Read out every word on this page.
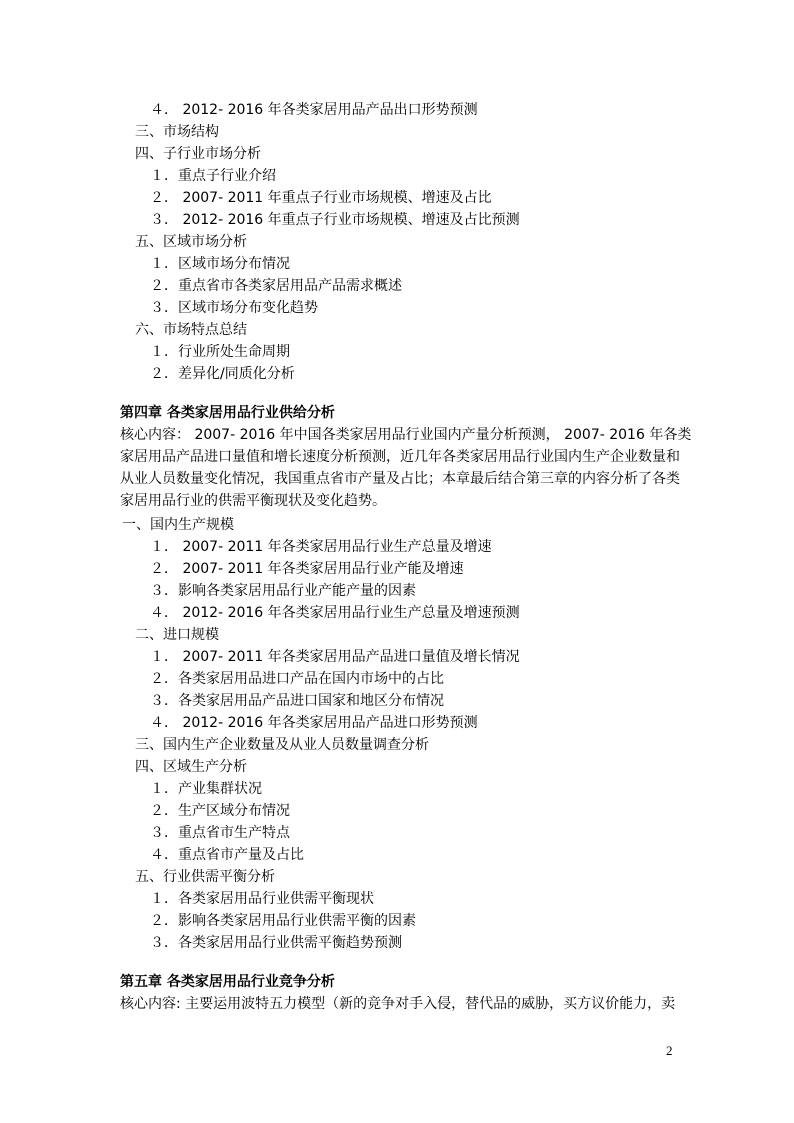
４． 2012- 2016 年各类家居用品产品出口形势预测
三、市场结构
四、子行业市场分析
１．重点子行业介绍
２． 2007- 2011 年重点子行业市场规模、增速及占比
３． 2012- 2016 年重点子行业市场规模、增速及占比预测
五、区域市场分析
１．区域市场分布情况
２．重点省市各类家居用品产品需求概述
３．区域市场分布变化趋势
六、市场特点总结
１．行业所处生命周期
２．差异化/同质化分析
第四章 各类家居用品行业供给分析
核心内容： 2007- 2016 年中国各类家居用品行业国内产量分析预测， 2007- 2016 年各类
家居用品产品进口量值和增长速度分析预测，近几年各类家居用品行业国内生产企业数量和
从业人员数量变化情况，我国重点省市产量及占比；本章最后结合第三章的内容分析了各类
家居用品行业的供需平衡现状及变化趋势。
一、国内生产规模
１． 2007- 2011 年各类家居用品行业生产总量及增速
２． 2007- 2011 年各类家居用品行业产能及增速
３．影响各类家居用品行业产能产量的因素
４． 2012- 2016 年各类家居用品行业生产总量及增速预测
二、进口规模
１． 2007- 2011 年各类家居用品产品进口量值及增长情况
２．各类家居用品进口产品在国内市场中的占比
３．各类家居用品产品进口国家和地区分布情况
４． 2012- 2016 年各类家居用品产品进口形势预测
三、国内生产企业数量及从业人员数量调查分析
四、区域生产分析
１．产业集群状况
２．生产区域分布情况
３．重点省市生产特点
４．重点省市产量及占比
五、行业供需平衡分析
１．各类家居用品行业供需平衡现状
２．影响各类家居用品行业供需平衡的因素
３．各类家居用品行业供需平衡趋势预测
第五章 各类家居用品行业竞争分析
核心内容: 主要运用波特五力模型（新的竞争对手入侵，替代品的威胁，买方议价能力，卖
2
